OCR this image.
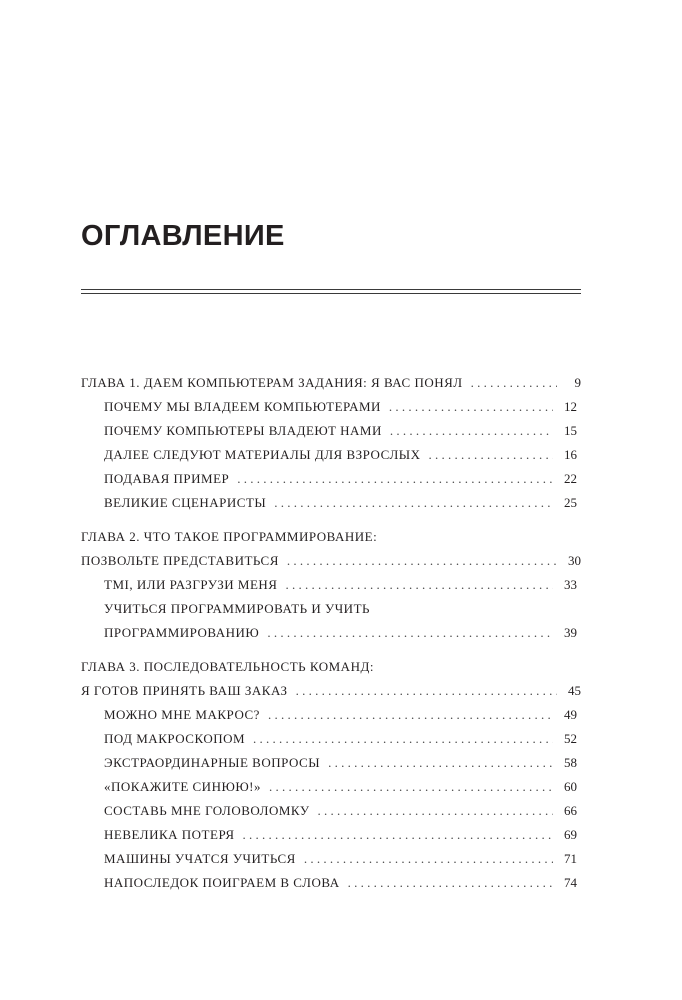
ОГЛАВЛЕНИЕ
ГЛАВА 1. ДАЕМ КОМПЬЮТЕРАМ ЗАДАНИЯ: Я ВАС ПОНЯЛ . . .	9
ПОЧЕМУ МЫ ВЛАДЕЕМ КОМПЬЮТЕРАМИ . . .	12
ПОЧЕМУ КОМПЬЮТЕРЫ ВЛАДЕЮТ НАМИ . . .	15
ДАЛЕЕ СЛЕДУЮТ МАТЕРИАЛЫ ДЛЯ ВЗРОСЛЫХ . . .	16
ПОДАВАЯ ПРИМЕР . . .	22
ВЕЛИКИЕ СЦЕНАРИСТЫ . . .	25
ГЛАВА 2. ЧТО ТАКОЕ ПРОГРАММИРОВАНИЕ:
ПОЗВОЛЬТЕ ПРЕДСТАВИТЬСЯ . . .	30
TMI, ИЛИ РАЗГРУЗИ МЕНЯ . . .	33
УЧИТЬСЯ ПРОГРАММИРОВАТЬ И УЧИТЬ
ПРОГРАММИРОВАНИЮ . . .	39
ГЛАВА 3. ПОСЛЕДОВАТЕЛЬНОСТЬ КОМАНД:
Я ГОТОВ ПРИНЯТЬ ВАШ ЗАКАЗ . . .	45
МОЖНО МНЕ МАКРОС? . . .	49
ПОД МАКРОСКОПОМ . . .	52
ЭКСТРАОРДИНАРНЫЕ ВОПРОСЫ . . .	58
«ПОКАЖИТЕ СИНЮЮ!» . . .	60
СОСТАВЬ МНЕ ГОЛОВОЛОМКУ . . .	66
НЕВЕЛИКА ПОТЕРЯ . . .	69
МАШИНЫ УЧАТСЯ УЧИТЬСЯ . . .	71
НАПОСЛЕДОК ПОИГРАЕМ В СЛОВА . . .	74
